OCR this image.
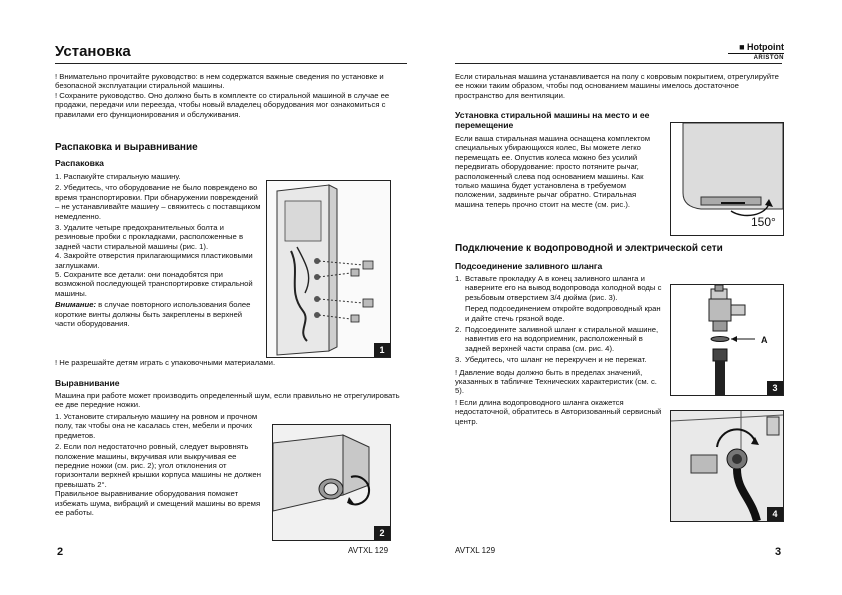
Установка

! Внимательно прочитайте руководство: в нем содержатся важные сведения по установке и безопасной эксплуатации стиральной машины.

! Сохраните руководство. Оно должно быть в комплекте со стиральной машиной в случае ее продажи, передачи или переезда, чтобы новый владелец оборудования мог ознакомиться с правилами его функционирования и обслуживания.

Распаковка и выравнивание
Распаковка

1. Распакуйте стиральную машину.

2. Убедитесь, что оборудование не было повреждено во время транспортировки. При обнаружении повреждений – не устанавливайте машину – свяжитесь с поставщиком немедленно.

3. Удалите четыре предохранительных болта и резиновые пробки с прокладками, расположенные в задней части стиральной машины (рис. 1).

4. Закройте отверстия прилагающимися пластиковыми заглушками.

5. Сохраните все детали: они понадобятся при возможной последующей транспортировке стиральной машины.

Внимание: в случае повторного использования более короткие винты должны быть закреплены в верхней части оборудования.

1
! Не разрешайте детям играть с упаковочными материалами.
Выравнивание

Машина при работе может производить определенный шум, если правильно не отрегулировать ее две передние ножки.

1. Установите стиральную машину на ровном и прочном полу, так чтобы она не касалась стен, мебели и прочих предметов.

2. Если пол недостаточно ровный, следует выровнять положение машины, вкручивая или выкручивая ее передние ножки (см. рис. 2); угол отклонения от горизонтали верхней крышки корпуса машины не должен превышать 2°.

Правильное выравнивание оборудования поможет избежать шума, вибраций и смещений машины во время ее работы.

2
2	AVTXL 129
■ Hotpoint
ARISTON
Если стиральная машина устанавливается на полу с ковровым покрытием, отрегулируйте ее ножки таким образом, чтобы под основанием машины имелось достаточное пространство для вентиляции.
Установка стиральной машины на место и ее перемещение

Если ваша стиральная машина оснащена комплектом специальных убирающихся колес, Вы можете легко перемещать ее. Опустив колеса можно без усилий передвигать оборудование: просто потяните рычаг, расположенный слева под основанием машины. Как только машина будет установлена в требуемом положении, задвиньте рычаг обратно. Стиральная машина теперь прочно стоит на месте (см. рис.).

150°
Подключение к водопроводной и электрической сети
Подсоединение заливного шланга
1. Вставьте прокладку А в конец заливного шланга и наверните его на вывод водопровода холодной воды с резьбовым отверстием 3/4 дюйма (рис. 3).
Перед подсоединением откройте водопроводный кран и дайте стечь грязной воде.
2. Подсоедините заливной шланг к стиральной машине, навинтив его на водоприемник, расположенный в задней верхней части справа (см. рис. 4).
3. Убедитесь, что шланг не перекручен и не пережат.

! Давление воды должно быть в пределах значений, указанных в табличке Технических характеристик (см. с. 5).

! Если длина водопроводного шланга окажется недостаточной, обратитесь в Авторизованный сервисный центр.

A
3
4
AVTXL 129	3
